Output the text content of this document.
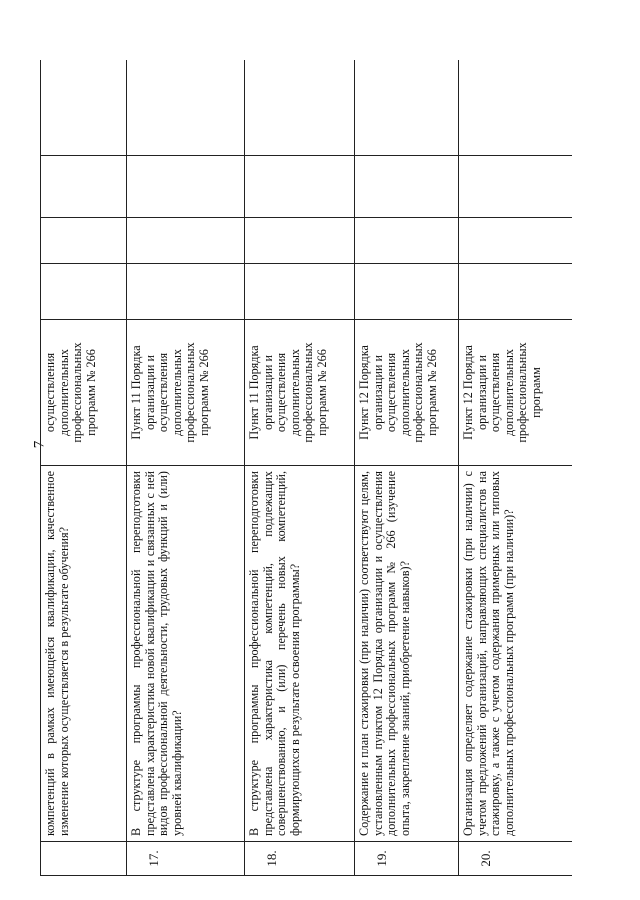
7
	компетенций в рамках имеющейся квалификации, качественное изменение которых осуществляется в результате обучения?	осуществления дополнительных профессиональных программ № 266				
17.	В структуре программы профессиональной переподготовки представлена характеристика новой квалификации и связанных с ней видов профессиональной деятельности, трудовых функций и (или) уровней квалификации?	Пункт 11 Порядка организации и осуществления дополнительных профессиональных программ № 266				
18.	В структуре программы профессиональной переподготовки представлена характеристика компетенций, подлежащих совершенствованию, и (или) перечень новых компетенций, формирующихся в результате освоения программы?	Пункт 11 Порядка организации и осуществления дополнительных профессиональных программ № 266				
19.	Содержание и план стажировки (при наличии) соответствуют целям, установленным пунктом 12 Порядка организации и осуществления дополнительных профессиональных программ № 266 (изучение опыта, закрепление знаний, приобретение навыков)?	Пункт 12 Порядка организации и осуществления дополнительных профессиональных программ № 266				
20.	Организация определяет содержание стажировки (при наличии) с учетом предложений организаций, направляющих специалистов на стажировку, а также с учетом содержания примерных или типовых дополнительных профессиональных программ (при наличии)?	Пункт 12 Порядка организации и осуществления дополнительных профессиональных программ				
